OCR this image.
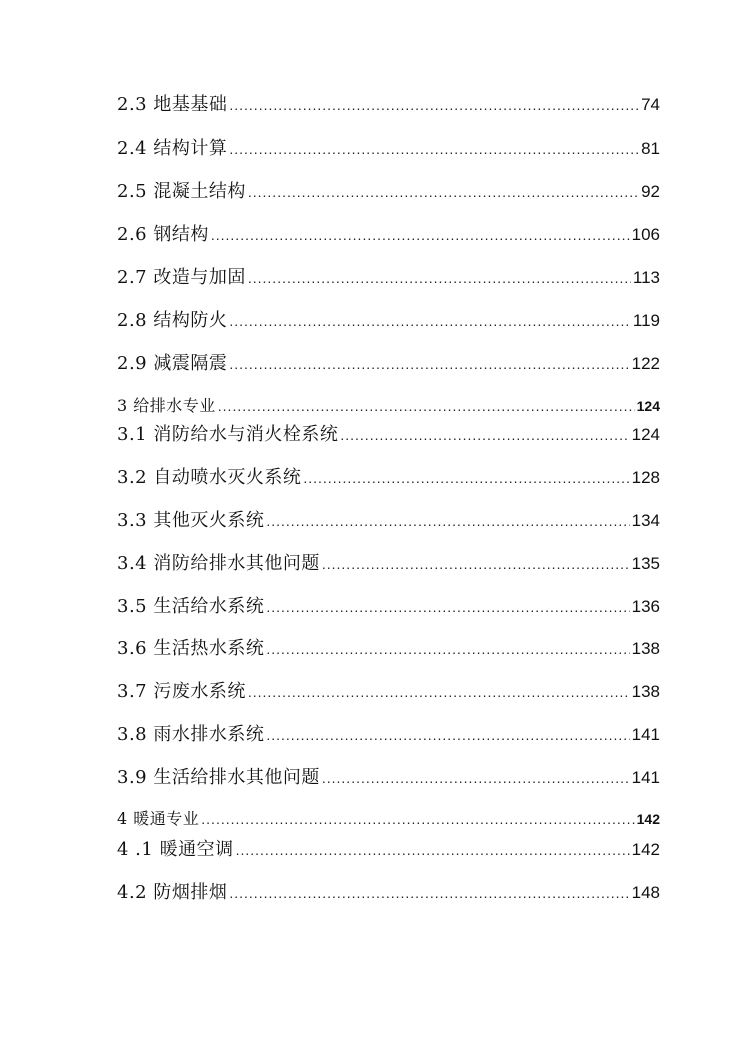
2.3 地基基础 .....	74
2.4 结构计算 .....	81
2.5 混凝土结构 .....	92
2.6 钢结构 .....	106
2.7 改造与加固 .....	113
2.8 结构防火 .....	119
2.9 减震隔震 .....	122
3 给排水专业 .....	124
3.1 消防给水与消火栓系统 .....	124
3.2 自动喷水灭火系统 .....	128
3.3 其他灭火系统 .....	134
3.4 消防给排水其他问题 .....	135
3.5 生活给水系统 .....	136
3.6 生活热水系统 .....	138
3.7 污废水系统 .....	138
3.8 雨水排水系统 .....	141
3.9 生活给排水其他问题 .....	141
4 暖通专业 .....	142
4 .1 暖通空调 .....	142
4.2 防烟排烟 .....	148
